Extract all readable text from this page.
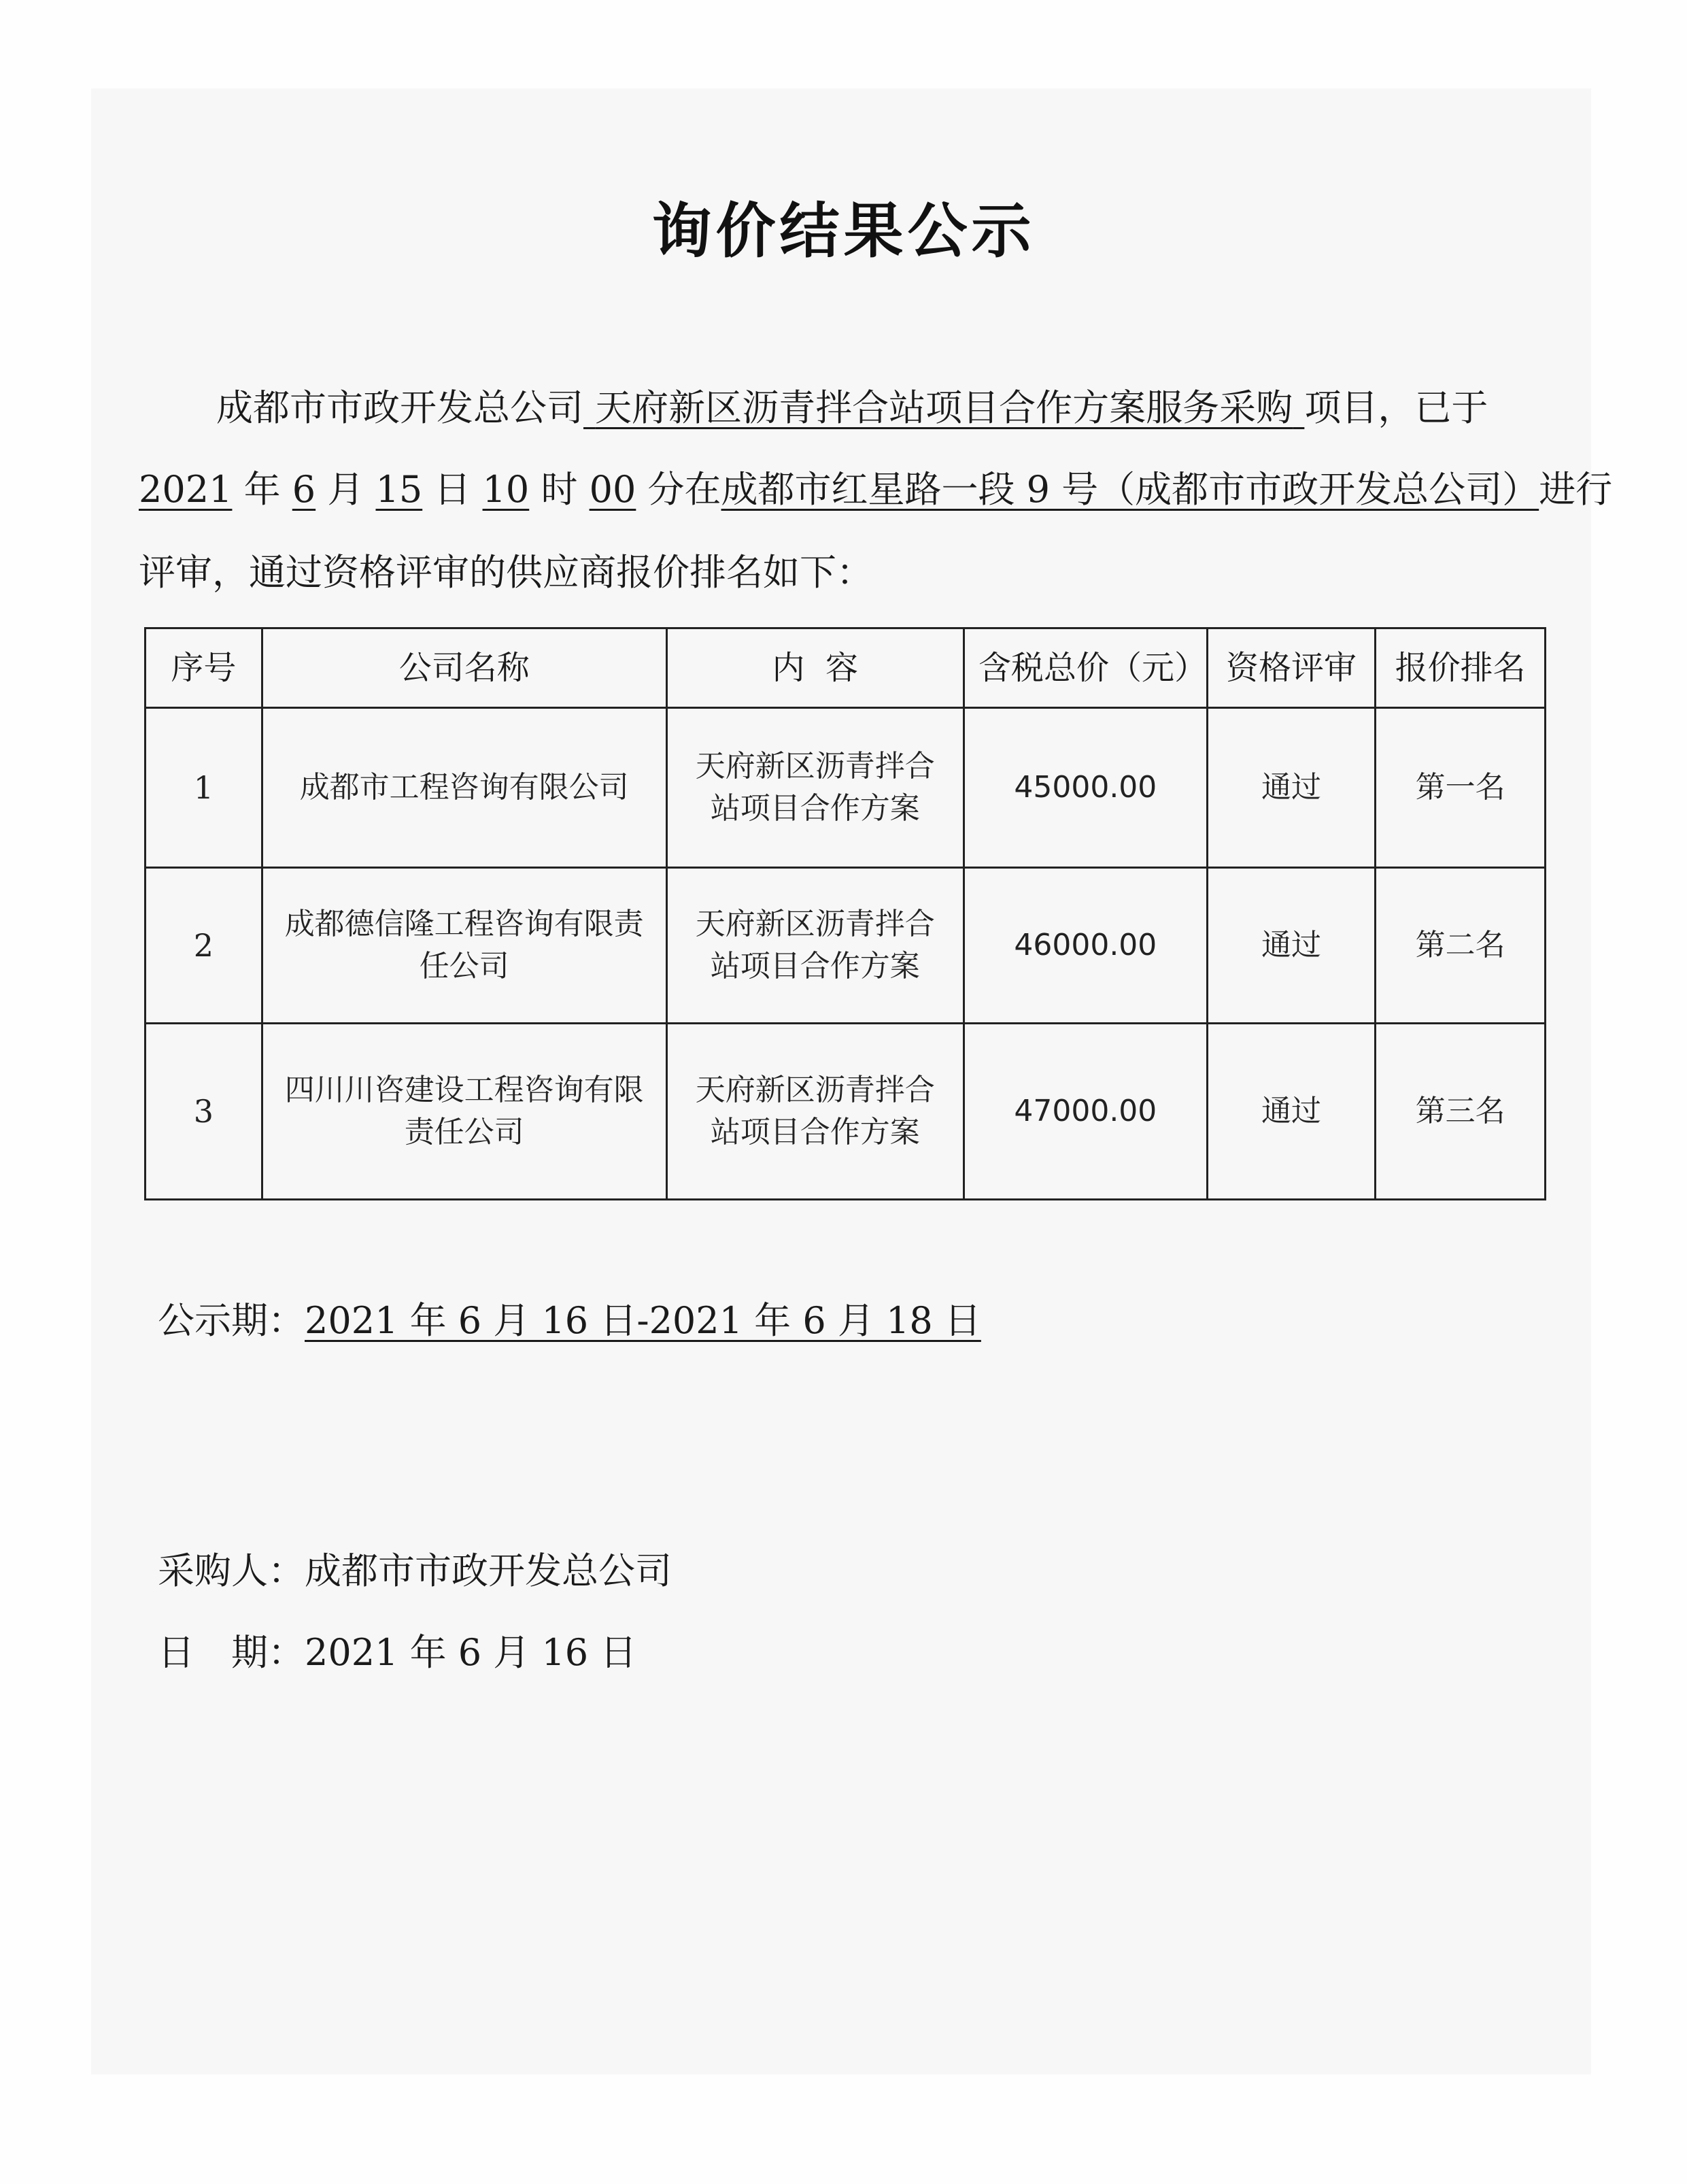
询价结果公示
成都市市政开发总公司 天府新区沥青拌合站项目合作方案服务采购 项目，已于
2021 年 6 月 15 日 10 时 00 分在成都市红星路一段 9 号（成都市市政开发总公司）进行
评审，通过资格评审的供应商报价排名如下：
序号	公司名称	内  容	含税总价（元）	资格评审	报价排名
1	成都市工程咨询有限公司	天府新区沥青拌合站项目合作方案	45000.00	通过	第一名
2	成都德信隆工程咨询有限责任公司	天府新区沥青拌合站项目合作方案	46000.00	通过	第二名
3	四川川咨建设工程咨询有限责任公司	天府新区沥青拌合站项目合作方案	47000.00	通过	第三名
公示期：2021 年 6 月 16 日-2021 年 6 月 18 日
采购人：成都市市政开发总公司
日　期：2021 年 6 月 16 日
